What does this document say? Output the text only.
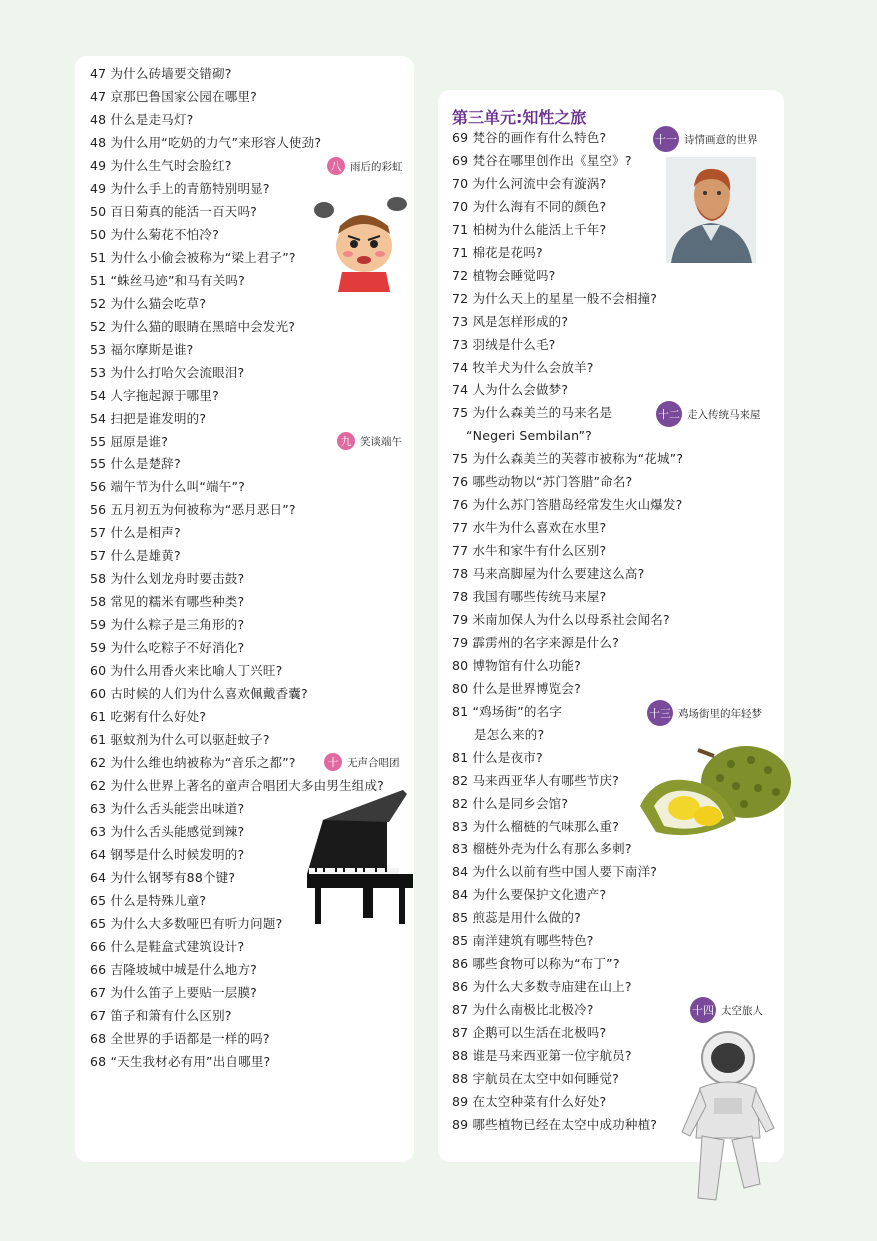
第三单元:知性之旅
47 为什么砖墙要交错砌?
47 京那巴鲁国家公园在哪里?
48 什么是走马灯?
48 为什么用“吃奶的力气”来形容人使劲?
49 为什么生气时会脸红?
49 为什么手上的青筋特别明显?
50 百日菊真的能活一百天吗?
50 为什么菊花不怕冷?
51 为什么小偷会被称为“梁上君子”?
51 “蛛丝马迹”和马有关吗?
52 为什么猫会吃草?
52 为什么猫的眼睛在黑暗中会发光?
53 福尔摩斯是谁?
53 为什么打哈欠会流眼泪?
54 人字拖起源于哪里?
54 扫把是谁发明的?
55 屈原是谁?
55 什么是楚辞?
56 端午节为什么叫“端午”?
56 五月初五为何被称为“恶月恶日”?
57 什么是相声?
57 什么是雄黄?
58 为什么划龙舟时要击鼓?
58 常见的糯米有哪些种类?
59 为什么粽子是三角形的?
59 为什么吃粽子不好消化?
60 为什么用香火来比喻人丁兴旺?
60 古时候的人们为什么喜欢佩戴香囊?
61 吃粥有什么好处?
61 驱蚊剂为什么可以驱赶蚊子?
62 为什么维也纳被称为“音乐之都”?
62 为什么世界上著名的童声合唱团大多由男生组成?
63 为什么舌头能尝出味道?
63 为什么舌头能感觉到辣?
64 钢琴是什么时候发明的?
64 为什么钢琴有88个键?
65 什么是特殊儿童?
65 为什么大多数哑巴有听力问题?
66 什么是鞋盒式建筑设计?
66 吉隆坡城中城是什么地方?
67 为什么笛子上要贴一层膜?
67 笛子和箫有什么区别?
68 全世界的手语都是一样的吗?
68 “天生我材必有用”出自哪里?
69 梵谷的画作有什么特色?
69 梵谷在哪里创作出《星空》?
70 为什么河流中会有漩涡?
70 为什么海有不同的颜色?
71 柏树为什么能活上千年?
71 棉花是花吗?
72 植物会睡觉吗?
72 为什么天上的星星一般不会相撞?
73 风是怎样形成的?
73 羽绒是什么毛?
74 牧羊犬为什么会放羊?
74 人为什么会做梦?
75 为什么森美兰的马来名是
“Negeri Sembilan”?
75 为什么森美兰的芙蓉市被称为“花城”?
76 哪些动物以“苏门答腊”命名?
76 为什么苏门答腊岛经常发生火山爆发?
77 水牛为什么喜欢在水里?
77 水牛和家牛有什么区别?
78 马来高脚屋为什么要建这么高?
78 我国有哪些传统马来屋?
79 米南加保人为什么以母系社会闻名?
79 霹雳州的名字来源是什么?
80 博物馆有什么功能?
80 什么是世界博览会?
81 “鸡场街”的名字
是怎么来的?
81 什么是夜市?
82 马来西亚华人有哪些节庆?
82 什么是同乡会馆?
83 为什么榴梿的气味那么重?
83 榴梿外壳为什么有那么多刺?
84 为什么以前有些中国人要下南洋?
84 为什么要保护文化遗产?
85 煎蕊是用什么做的?
85 南洋建筑有哪些特色?
86 哪些食物可以称为“布丁”?
86 为什么大多数寺庙建在山上?
87 为什么南极比北极冷?
87 企鹅可以生活在北极吗?
88 谁是马来西亚第一位宇航员?
88 宇航员在太空中如何睡觉?
89 在太空种菜有什么好处?
89 哪些植物已经在太空中成功种植?
八 雨后的彩虹
九 笑谈端午
十 无声合唱团
十一 诗情画意的世界
十二 走入传统马来屋
十三 鸡场街里的年轻梦
十四 太空旅人
